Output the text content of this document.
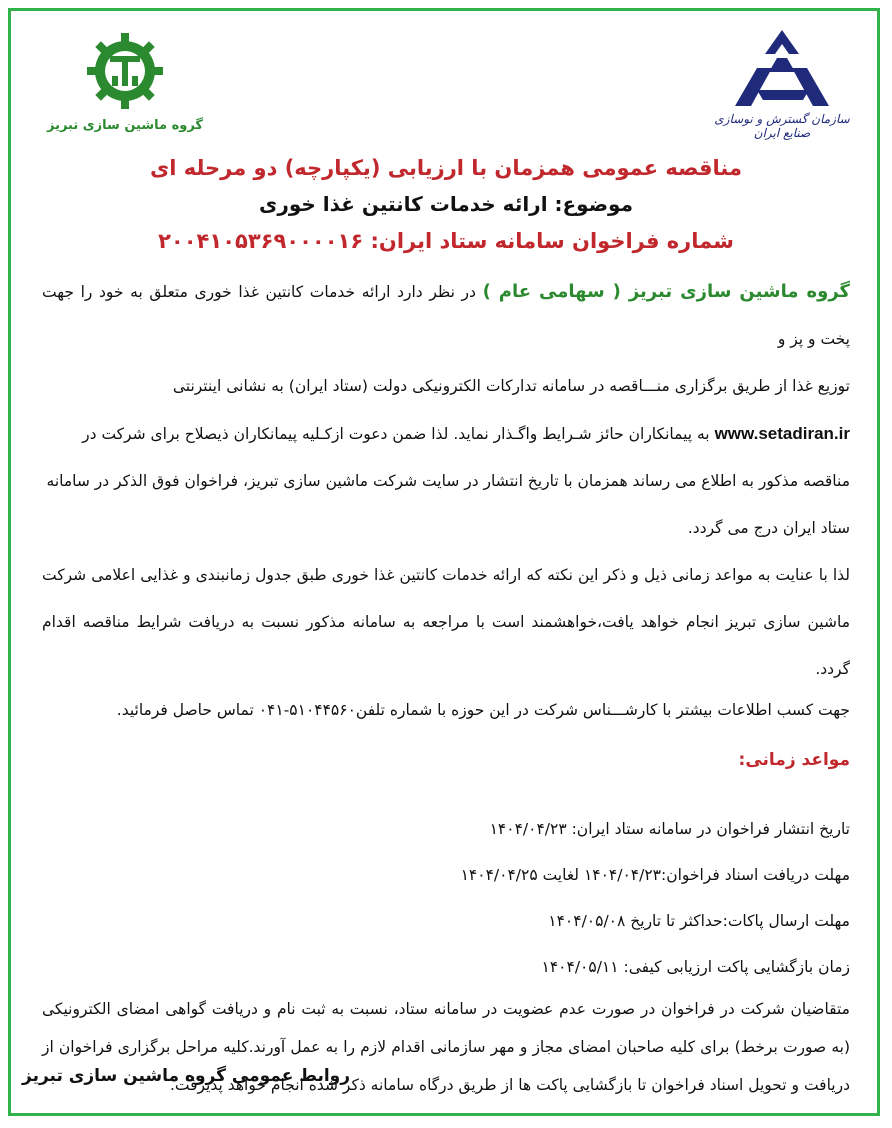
گروه ماشین سازی تبریز	سازمان گسترش و نوسازی صنایع ایران
مناقصه عمومی همزمان با ارزیابی (یکپارچه) دو مرحله ای
موضوع: ارائه خدمات کانتین غذا خوری
شماره فراخوان سامانه ستاد ایران: ۲۰۰۴۱۰۵۳۶۹۰۰۰۰۱۶

گروه ماشین سازی تبریز ( سهامی عام ) در نظر دارد ارائه خدمات کانتین غذا خوری متعلق به خود را جهت پخت و پز و

توزیع غذا از طریق برگزاری منـــاقصه در سامانه تدارکات الکترونیکی دولت (ستاد ایران) به نشانی اینترنتی

www.setadiran.ir به پیمانکاران حائز شـرایط واگـذار نماید. لذا ضمن دعوت ازکـلیه پیمانکاران ذیصلاح برای شرکت در

مناقصه مذکور به اطلاع می رساند همزمان با تاریخ انتشار در سایت شرکت ماشین سازی تبریز، فراخوان فوق الذکر در سامانه

ستاد ایران درج می گردد.

لذا با عنایت به مواعد زمانی ذیل و ذکر این نکته که ارائه خدمات کانتین غذا خوری طبق جدول زمانبندی و غذایی اعلامی شرکت ماشین سازی تبریز انجام خواهد یافت،خواهشمند است با مراجعه به سامانه مذکور نسبت به دریافت شرایط مناقصه اقدام گردد.

جهت کسب اطلاعات بیشتر با کارشـــناس شرکت در این حوزه با شماره تلفن۵۱۰۴۴۵۶۰-۰۴۱ تماس حاصل فرمائید.

مواعد زمانی:

تاریخ انتشار فراخوان در سامانه ستاد ایران: ۱۴۰۴/۰۴/۲۳

مهلت دریافت اسناد فراخوان:۱۴۰۴/۰۴/۲۳ لغایت ۱۴۰۴/۰۴/۲۵

مهلت ارسال پاکات:حداکثر تا تاریخ ۱۴۰۴/۰۵/۰۸

زمان بازگشایی پاکت ارزیابی کیفی: ۱۴۰۴/۰۵/۱۱

متقاضیان شرکت در فراخوان در صورت عدم عضویت در سامانه ستاد، نسبت به ثبت نام و دریافت گواهی امضای الکترونیکی (به صورت برخط) برای کلیه صاحبان امضای مجاز و مهر سازمانی اقدام لازم را به عمل آورند.کلیه مراحل برگزاری فراخوان از دریافت و تحویل اسناد فراخوان تا بازگشایی پاکت ها از طریق درگاه سامانه ذکر شده انجام خواهد پذیرفت.

روابط عمومی گروه ماشین سازی تبریز
